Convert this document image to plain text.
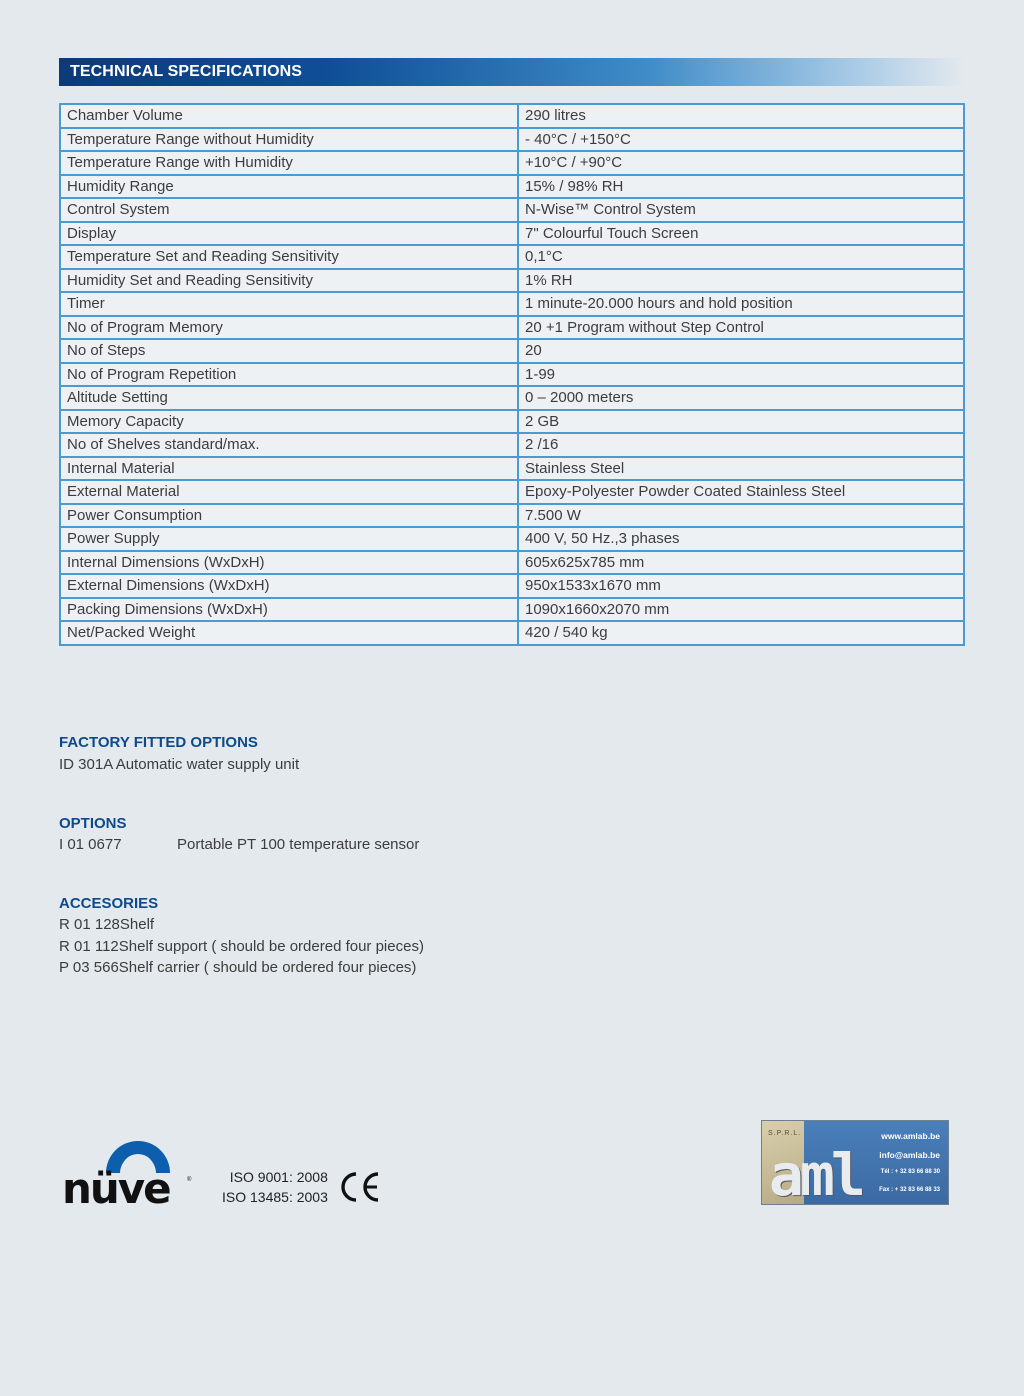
TECHNICAL SPECIFICATIONS
Chamber Volume	290 litres
Temperature Range without Humidity	- 40°C / +150°C
Temperature Range with Humidity	+10°C / +90°C
Humidity Range	15% / 98% RH
Control System	N-Wise™ Control System
Display	7" Colourful Touch Screen
Temperature Set and Reading Sensitivity	0,1°C
Humidity Set and Reading Sensitivity	1% RH
Timer	1 minute-20.000 hours and hold position
No of Program Memory	20 +1 Program without Step Control
No of Steps	20
No of Program Repetition	1-99
Altitude Setting	0 – 2000 meters
Memory Capacity	2 GB
No of Shelves standard/max.	2 /16
Internal Material	Stainless Steel
External Material	Epoxy-Polyester Powder Coated Stainless Steel
Power Consumption	7.500 W
Power Supply	400 V, 50 Hz.,3 phases
Internal Dimensions (WxDxH)	605x625x785 mm
External Dimensions (WxDxH)	950x1533x1670 mm
Packing Dimensions (WxDxH)	1090x1660x2070 mm
Net/Packed Weight	420 / 540 kg
FACTORY FITTED OPTIONS
ID 301A Automatic water supply unit
OPTIONS
I 01 0677	Portable PT 100 temperature sensor
ACCESORIES
R 01 128Shelf
R 01 112Shelf support ( should be ordered four pieces)
P 03 566Shelf carrier ( should be ordered four pieces)
nüve	®	ISO 9001: 2008
ISO 13485: 2003
S.P.R.L.
aml
www.amlab.be
info@amlab.be
Tél : + 32 83 66 88 30
Fax : + 32 83 66 88 33
